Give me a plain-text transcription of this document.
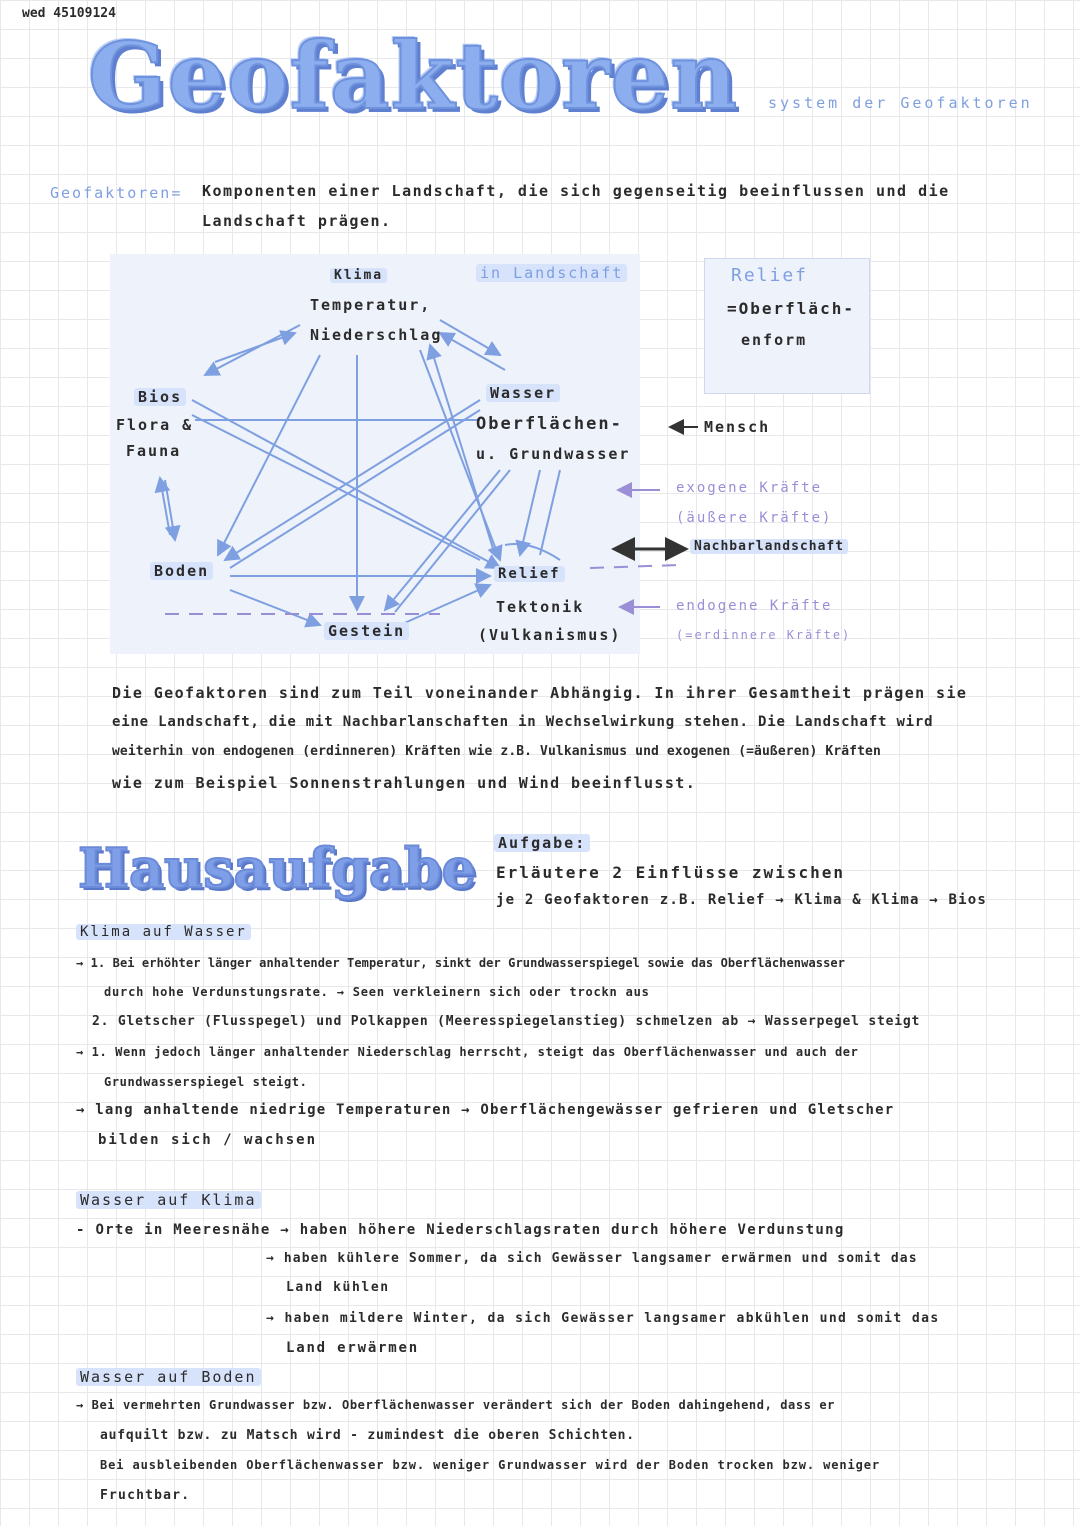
wed 45109124
Geofaktoren system der Geofaktoren
Geofaktoren= Komponenten einer Landschaft, die sich gegenseitig beeinflussen und die
Landschaft prägen.
in Landschaft
Klima
Temperatur,
Niederschlag
Bios
Flora &
Fauna
Wasser
Oberflächen-
u. Grundwasser
Boden	Relief
Tektonik
(Vulkanismus)
Gestein
Relief
=Oberfläch-
enform
Mensch
exogene Kräfte
(äußere Kräfte)
Nachbarlandschaft
endogene Kräfte
(=erdinnere Kräfte)
Die Geofaktoren sind zum Teil voneinander Abhängig. In ihrer Gesamtheit prägen sie
eine Landschaft, die mit Nachbarlanschaften in Wechselwirkung stehen. Die Landschaft wird
weiterhin von endogenen (erdinneren) Kräften wie z.B. Vulkanismus und exogenen (=äußeren) Kräften
wie zum Beispiel Sonnenstrahlungen und Wind beeinflusst.
Hausaufgabe Aufgabe:
Erläutere 2 Einflüsse zwischen
je 2 Geofaktoren z.B. Relief → Klima & Klima → Bios
Klima auf Wasser
→ 1. Bei erhöhter länger anhaltender Temperatur, sinkt der Grundwasserspiegel sowie das Oberflächenwasser
durch hohe Verdunstungsrate. → Seen verkleinern sich oder trockn aus
2. Gletscher (Flusspegel) und Polkappen (Meeresspiegelanstieg) schmelzen ab → Wasserpegel steigt
→ 1. Wenn jedoch länger anhaltender Niederschlag herrscht, steigt das Oberflächenwasser und auch der
Grundwasserspiegel steigt.
→ lang anhaltende niedrige Temperaturen → Oberflächengewässer gefrieren und Gletscher
bilden sich / wachsen
Wasser auf Klima
- Orte in Meeresnähe → haben höhere Niederschlagsraten durch höhere Verdunstung
→ haben kühlere Sommer, da sich Gewässer langsamer erwärmen und somit das
Land kühlen
→ haben mildere Winter, da sich Gewässer langsamer abkühlen und somit das
Land erwärmen
Wasser auf Boden
→ Bei vermehrten Grundwasser bzw. Oberflächenwasser verändert sich der Boden dahingehend, dass er
aufquilt bzw. zu Matsch wird - zumindest die oberen Schichten.
Bei ausbleibenden Oberflächenwasser bzw. weniger Grundwasser wird der Boden trocken bzw. weniger
Fruchtbar.
